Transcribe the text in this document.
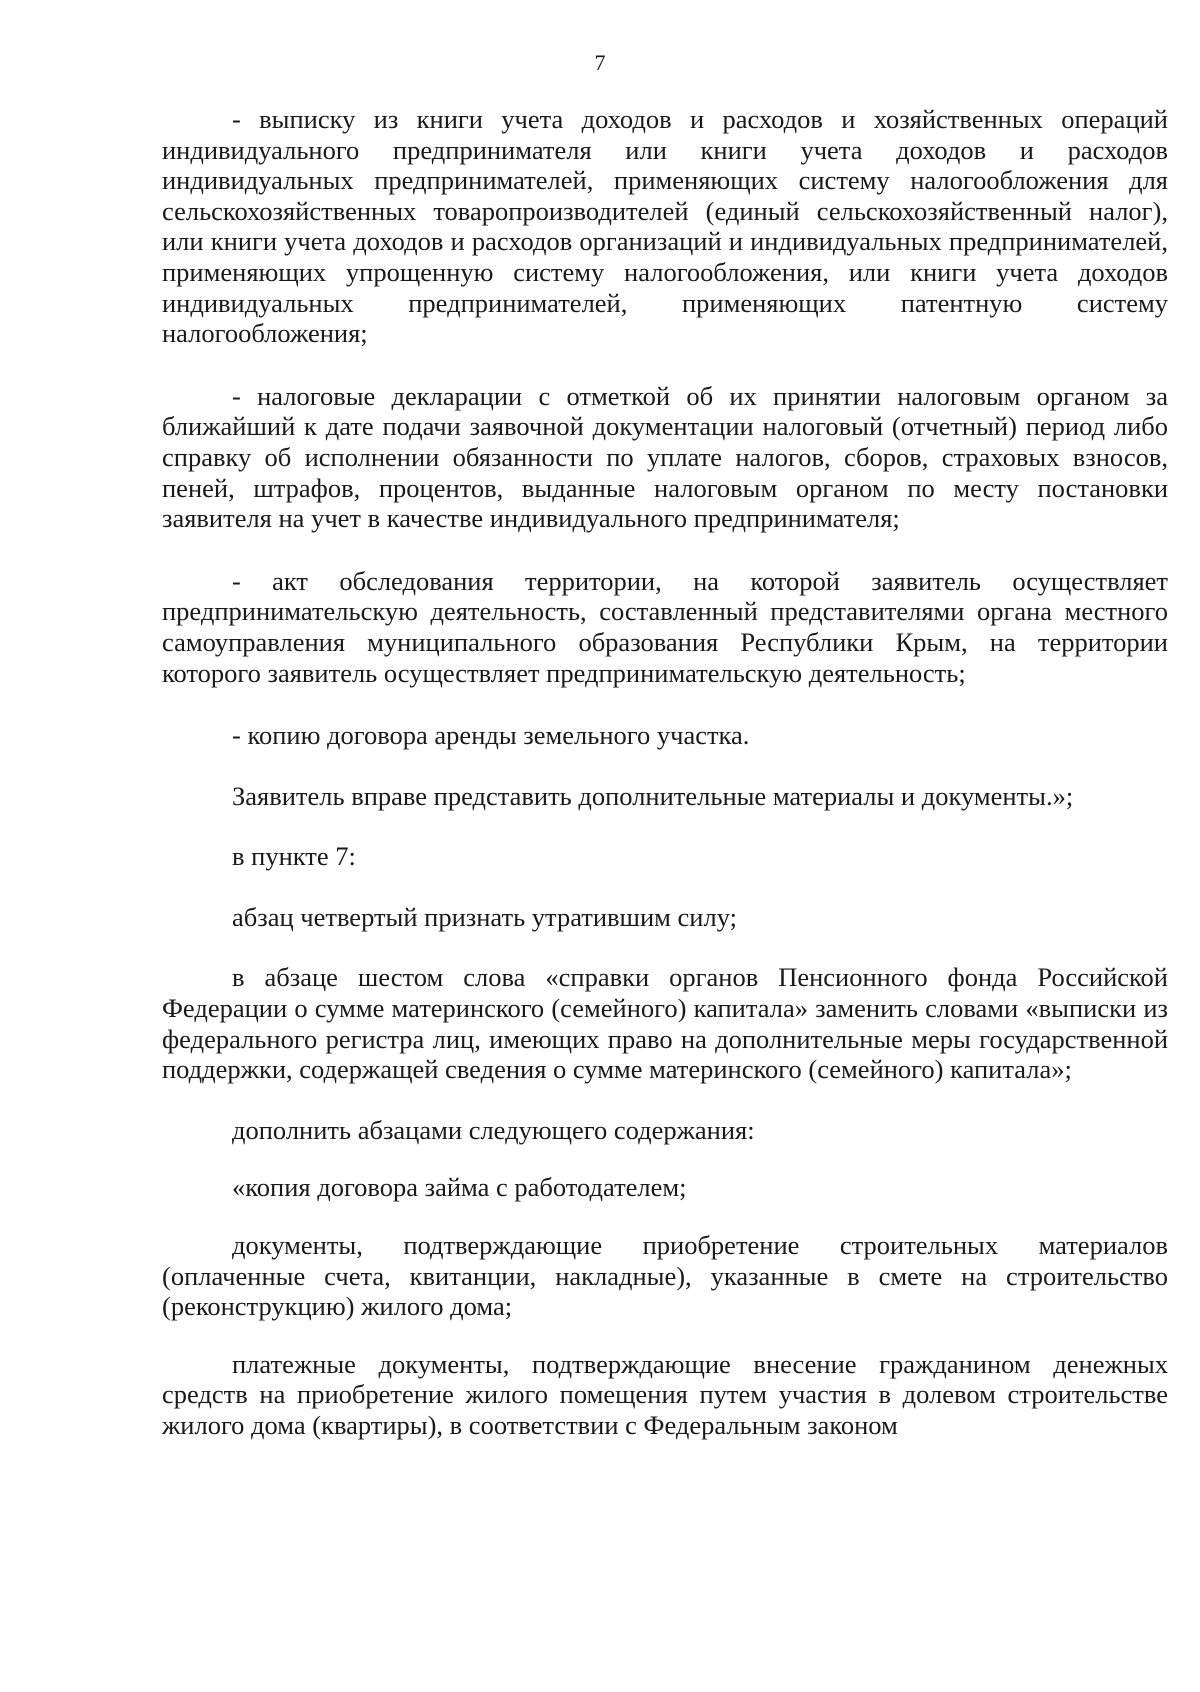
7

- выписку из книги учета доходов и расходов и хозяйственных операций индивидуального предпринимателя или книги учета доходов и расходов индивидуальных предпринимателей, применяющих систему налогообложения для сельскохозяйственных товаропроизводителей (единый сельскохозяйственный налог), или книги учета доходов и расходов организаций и индивидуальных предпринимателей, применяющих упрощенную систему налогообложения, или книги учета доходов индивидуальных предпринимателей, применяющих патентную систему налогообложения;

- налоговые декларации с отметкой об их принятии налоговым органом за ближайший к дате подачи заявочной документации налоговый (отчетный) период либо справку об исполнении обязанности по уплате налогов, сборов, страховых взносов, пеней, штрафов, процентов, выданные налоговым органом по месту постановки заявителя на учет в качестве индивидуального предпринимателя;

- акт обследования территории, на которой заявитель осуществляет предпринимательскую деятельность, составленный представителями органа местного самоуправления муниципального образования Республики Крым, на территории которого заявитель осуществляет предпринимательскую деятельность;

- копию договора аренды земельного участка.

Заявитель вправе представить дополнительные материалы и документы.»;

в пункте 7:

абзац четвертый признать утратившим силу;

в абзаце шестом слова «справки органов Пенсионного фонда Российской Федерации о сумме материнского (семейного) капитала» заменить словами «выписки из федерального регистра лиц, имеющих право на дополнительные меры государственной поддержки, содержащей сведения о сумме материнского (семейного) капитала»;

дополнить абзацами следующего содержания:

«копия договора займа с работодателем;

документы, подтверждающие приобретение строительных материалов (оплаченные счета, квитанции, накладные), указанные в смете на строительство (реконструкцию) жилого дома;

платежные документы, подтверждающие внесение гражданином денежных средств на приобретение жилого помещения путем участия в долевом строительстве жилого дома (квартиры), в соответствии с Федеральным законом
